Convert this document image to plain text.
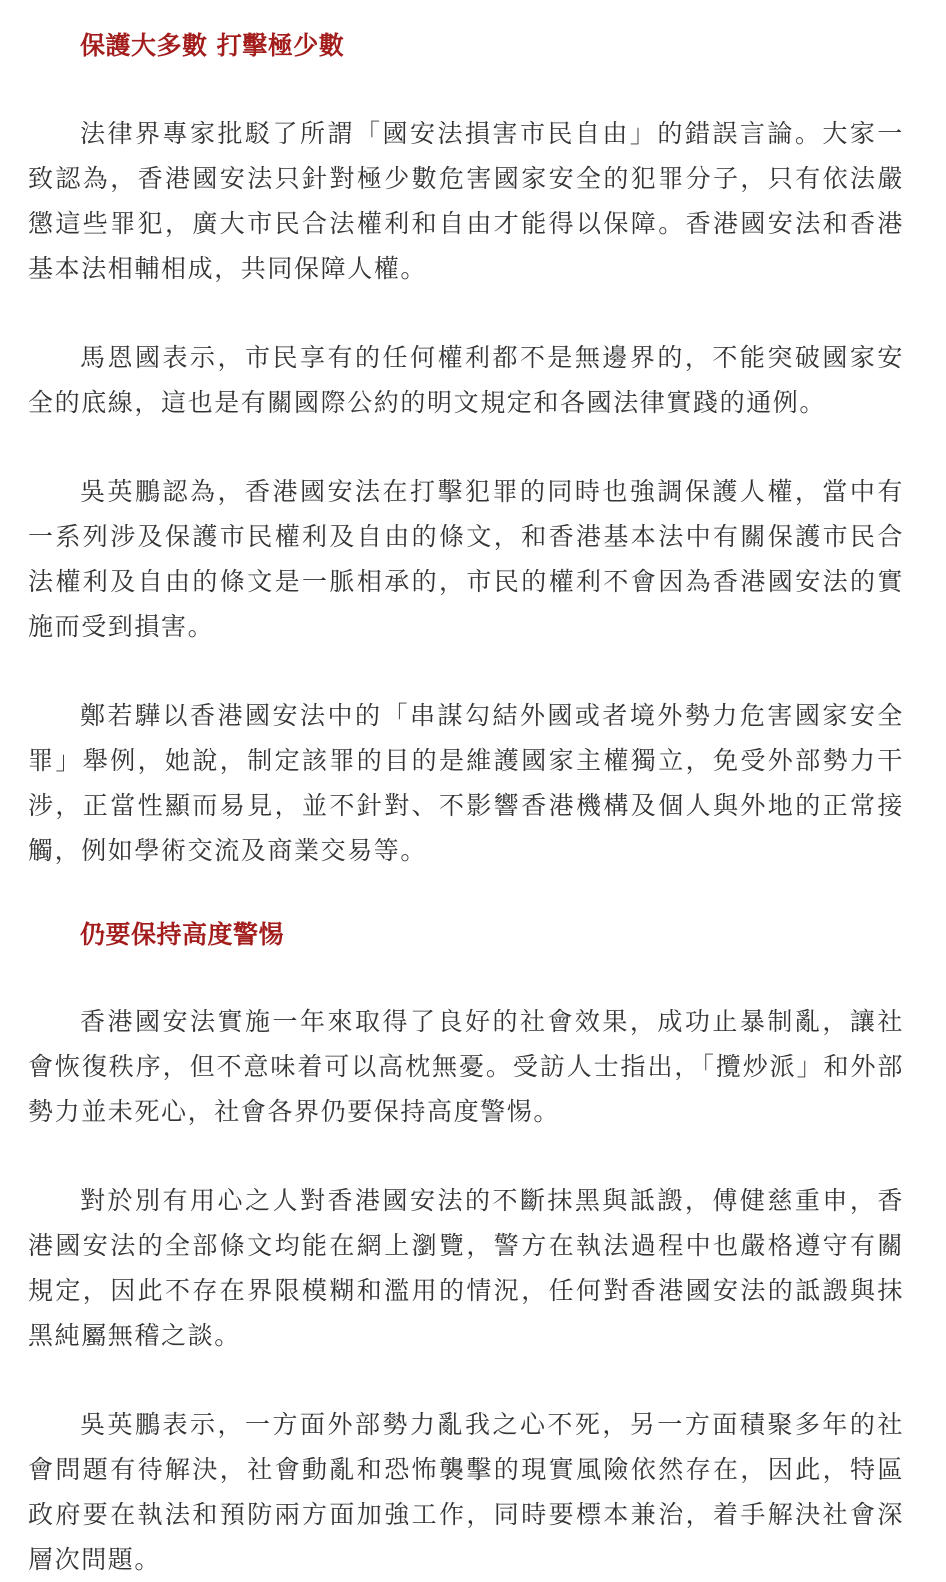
保護大多數 打擊極少數

法律界專家批駁了所謂「國安法損害市民自由」的錯誤言論。大家一致認為，香港國安法只針對極少數危害國家安全的犯罪分子，只有依法嚴懲這些罪犯，廣大市民合法權利和自由才能得以保障。香港國安法和香港基本法相輔相成，共同保障人權。

馬恩國表示，市民享有的任何權利都不是無邊界的，不能突破國家安全的底線，這也是有關國際公約的明文規定和各國法律實踐的通例。

吳英鵬認為，香港國安法在打擊犯罪的同時也強調保護人權，當中有一系列涉及保護市民權利及自由的條文，和香港基本法中有關保護市民合法權利及自由的條文是一脈相承的，市民的權利不會因為香港國安法的實施而受到損害。

鄭若驊以香港國安法中的「串謀勾結外國或者境外勢力危害國家安全罪」舉例，她說，制定該罪的目的是維護國家主權獨立，免受外部勢力干涉，正當性顯而易見，並不針對、不影響香港機構及個人與外地的正常接觸，例如學術交流及商業交易等。

仍要保持高度警惕

香港國安法實施一年來取得了良好的社會效果，成功止暴制亂，讓社會恢復秩序，但不意味着可以高枕無憂。受訪人士指出，「攬炒派」和外部勢力並未死心，社會各界仍要保持高度警惕。

對於別有用心之人對香港國安法的不斷抹黑與詆譭，傅健慈重申，香港國安法的全部條文均能在網上瀏覽，警方在執法過程中也嚴格遵守有關規定，因此不存在界限模糊和濫用的情況，任何對香港國安法的詆譭與抹黑純屬無稽之談。

吳英鵬表示，一方面外部勢力亂我之心不死，另一方面積聚多年的社會問題有待解決，社會動亂和恐怖襲擊的現實風險依然存在，因此，特區政府要在執法和預防兩方面加強工作，同時要標本兼治，着手解決社會深層次問題。
